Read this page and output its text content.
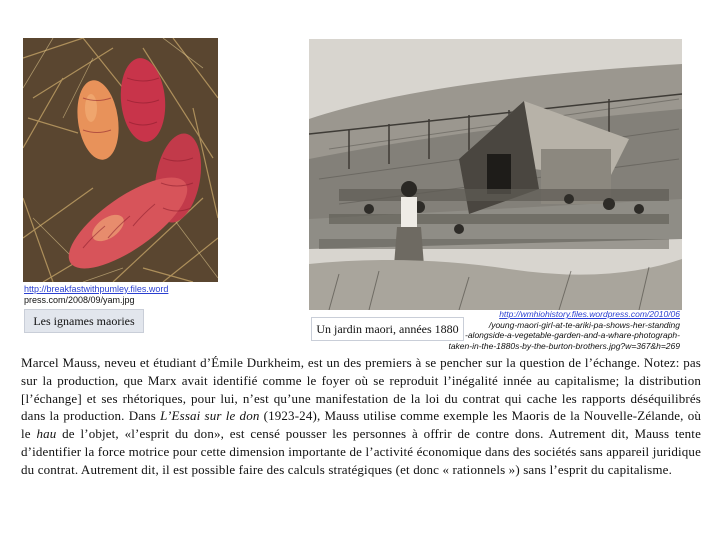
http://breakfastwithpumley.files.word
press.com/2008/09/yam.jpg
Les ignames maories	http://wmhiohistory.files.wordpress.com/2010/06
/young-maori-girl-at-te-ariki-pa-shows-her-standing
-alongside-a-vegetable-garden-and-a-whare-photograph-
taken-in-the-1880s-by-the-burton-brothers.jpg?w=367&h=269
Un jardin maori, années 1880
Marcel Mauss, neveu et étudiant d’Émile Durkheim, est un des premiers à se pencher sur la question de l’échange. Notez: pas sur la production, que Marx avait identifié comme le foyer où se reproduit l’inégalité innée au capitalisme; la distribution [l’échange] et ses rhétoriques, pour lui, n’est qu’une manifestation de la loi du contrat qui cache les rapports déséquilibrés dans la production. Dans L’Essai sur le don (1923-24), Mauss utilise comme exemple les Maoris de la Nouvelle-Zélande, où le hau de l’objet, «l’esprit du don», est censé pousser les personnes à offrir de contre dons. Autrement dit, Mauss tente d’identifier la force motrice pour cette dimension importante de l’activité économique dans des sociétés sans appareil juridique du contrat. Autrement dit, il est possible faire des calculs stratégiques (et donc « rationnels ») sans l’esprit du capitalisme.
